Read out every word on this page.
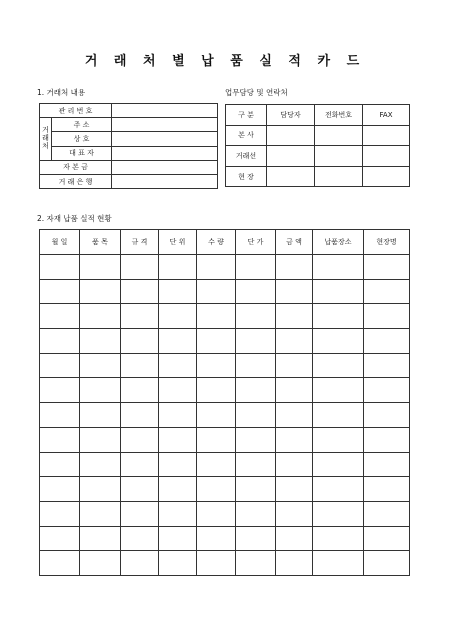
거 래 처 별 납 품 실 적 카 드
1. 거래처 내용	업무담당 및 연락처
관 리 번 호		
거래처	주 소	
	상 호	
	대 표 자	
자 본 금		
거 래 은 행		
구 분	담당자	전화번호	FAX
본 사			
거래선			
현 장			
2. 자재 납품 실적 현황
월 일	품 목	규 격	단 위	수 량	단 가	금 액	납품장소	현장명
